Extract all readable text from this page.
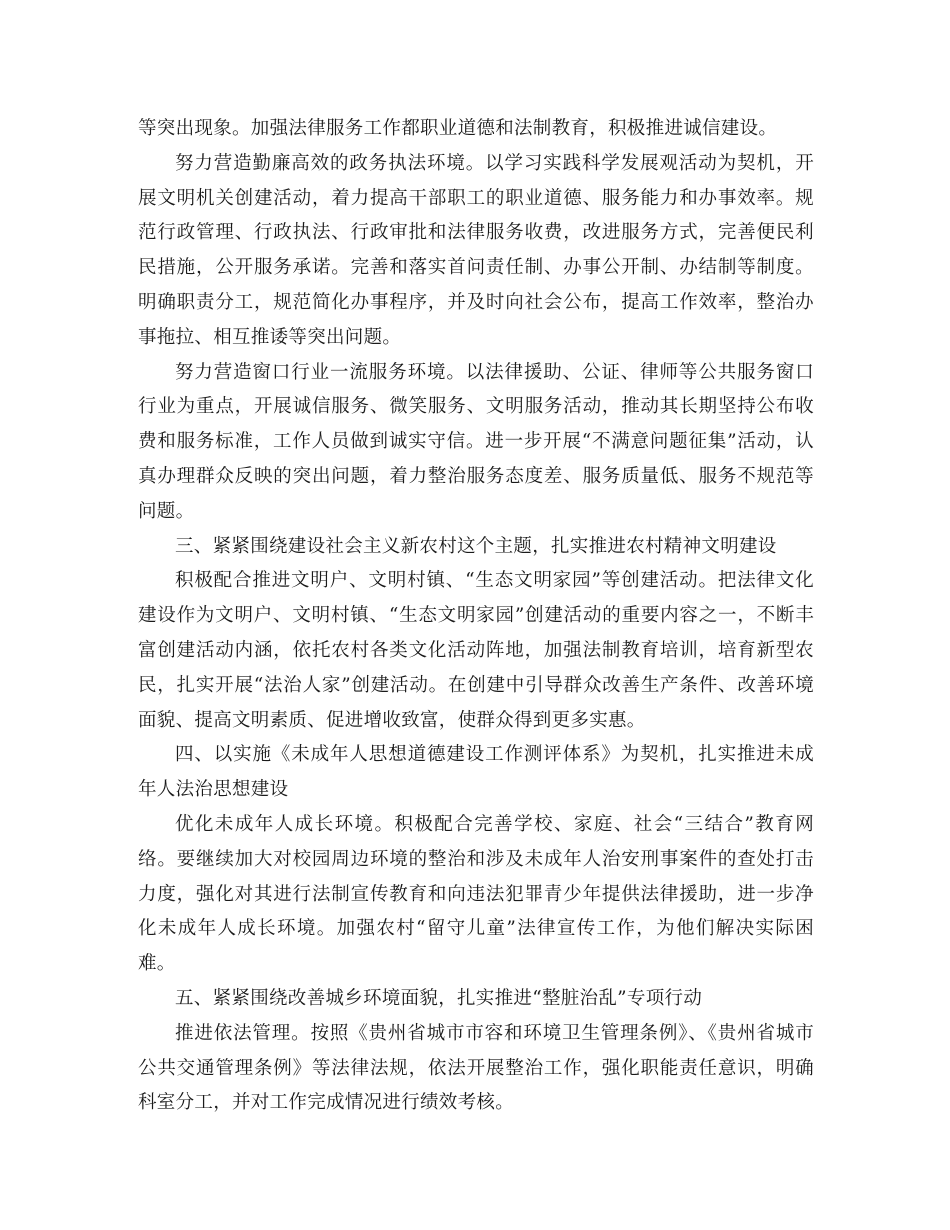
等突出现象。加强法律服务工作都职业道德和法制教育，积极推进诚信建设。

努力营造勤廉高效的政务执法环境。以学习实践科学发展观活动为契机，开展文明机关创建活动，着力提高干部职工的职业道德、服务能力和办事效率。规范行政管理、行政执法、行政审批和法律服务收费，改进服务方式，完善便民利民措施，公开服务承诺。完善和落实首问责任制、办事公开制、办结制等制度。明确职责分工，规范简化办事程序，并及时向社会公布，提高工作效率，整治办事拖拉、相互推诿等突出问题。

努力营造窗口行业一流服务环境。以法律援助、公证、律师等公共服务窗口行业为重点，开展诚信服务、微笑服务、文明服务活动，推动其长期坚持公布收费和服务标准，工作人员做到诚实守信。进一步开展“不满意问题征集”活动，认真办理群众反映的突出问题，着力整治服务态度差、服务质量低、服务不规范等问题。

三、紧紧围绕建设社会主义新农村这个主题，扎实推进农村精神文明建设

积极配合推进文明户、文明村镇、“生态文明家园”等创建活动。把法律文化建设作为文明户、文明村镇、“生态文明家园”创建活动的重要内容之一，不断丰富创建活动内涵，依托农村各类文化活动阵地，加强法制教育培训，培育新型农民，扎实开展“法治人家”创建活动。在创建中引导群众改善生产条件、改善环境面貌、提高文明素质、促进增收致富，使群众得到更多实惠。

四、以实施《未成年人思想道德建设工作测评体系》为契机，扎实推进未成年人法治思想建设

优化未成年人成长环境。积极配合完善学校、家庭、社会“三结合”教育网络。要继续加大对校园周边环境的整治和涉及未成年人治安刑事案件的查处打击力度，强化对其进行法制宣传教育和向违法犯罪青少年提供法律援助，进一步净化未成年人成长环境。加强农村“留守儿童”法律宣传工作，为他们解决实际困难。

五、紧紧围绕改善城乡环境面貌，扎实推进“整脏治乱”专项行动

推进依法管理。按照《贵州省城市市容和环境卫生管理条例》、《贵州省城市公共交通管理条例》等法律法规，依法开展整治工作，强化职能责任意识，明确科室分工，并对工作完成情况进行绩效考核。
